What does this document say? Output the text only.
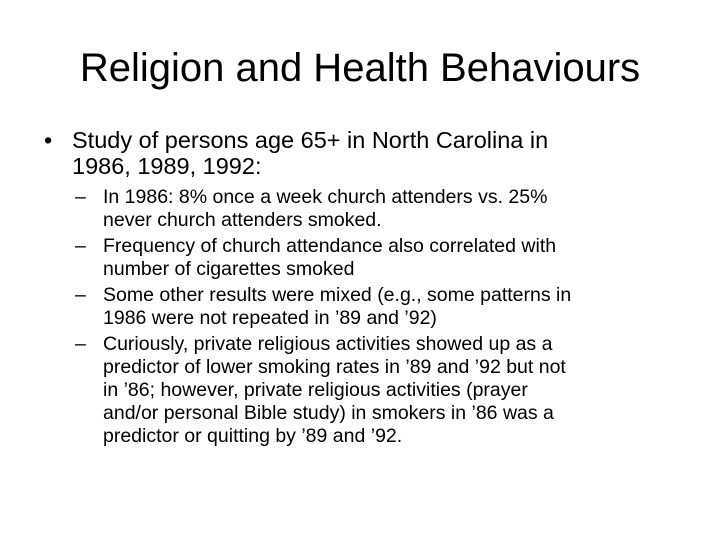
Religion and Health Behaviours
• Study of persons age 65+ in North Carolina in
1986, 1989, 1992:
– In 1986: 8% once a week church attenders vs. 25%
never church attenders smoked.
– Frequency of church attendance also correlated with
number of cigarettes smoked
– Some other results were mixed (e.g., some patterns in
1986 were not repeated in ’89 and ’92)
– Curiously, private religious activities showed up as a
predictor of lower smoking rates in ’89 and ’92 but not
in ’86; however, private religious activities (prayer
and/or personal Bible study) in smokers in ’86 was a
predictor or quitting by ’89 and ’92.
